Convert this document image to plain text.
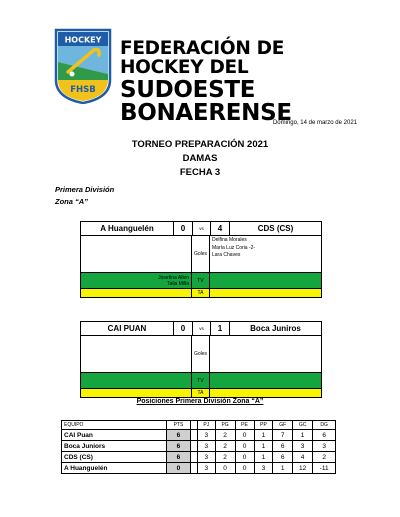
HOCKEY
FHSB
FEDERACIÓN DE HOCKEY DEL
SUDOESTE BONAERENSE
Domingo, 14 de marzo de 2021
TORNEO PREPARACIÓN 2021
DAMAS
FECHA 3
Primera División
Zona “A”
A Huanguelén	0	vs	4	CDS (CS)
Goles
Delfina Morales
María Luz Coria -2-
Lara Chaves
Josefina Allen
Talia Milla	TV
TA
CAI PUAN	0	vs	1	Boca Juniros
Goles
TV
TA
Posiciones Primera División Zona “A”
EQUIPO	PTS		PJ	PG	PE	PP	GF	GC	DG
CAI Puan	6		3	2	0	1	7	1	6
Boca Juniors	6		3	2	0	1	6	3	3
CDS (CS)	6		3	2	0	1	6	4	2
A Huanguelén	0		3	0	0	3	1	12	-11
